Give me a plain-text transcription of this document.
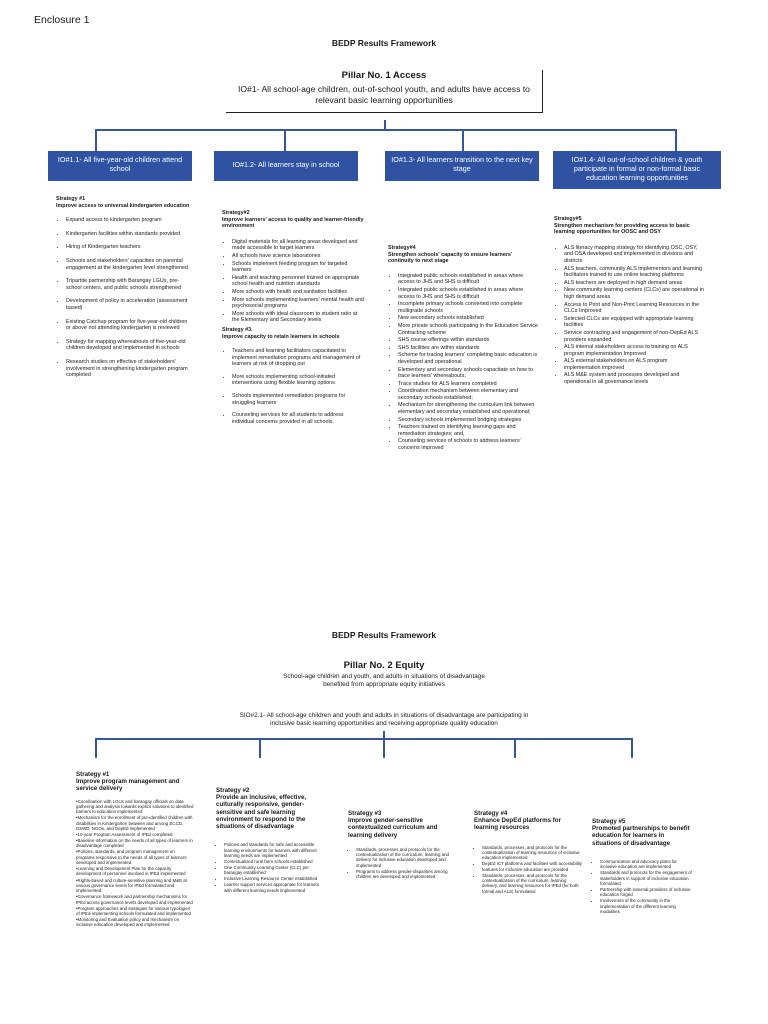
Enclosure 1
BEDP Results Framework
Pillar No. 1 Access
IO#1- All school-age children, out-of-school youth, and adults have access to relevant basic learning opportunities
IO#1.1- All five-year-old children attend school	IO#1.2- All learners stay in school
IO#1.3- All learners transition to the next key stage
IO#1.4- All out-of-school children & youth participate in formal or non-formal basic education learning opportunities
Strategy #1
Improve access to universal kindergarten education
• Expand access to kindergarten program
• Kindergarten facilities within standards provided
• Hiring of Kindergarten teachers
• Schools and stakeholders' capacities on parental engagement at the kindergarten level strengthened
• Tripartite partnership with Barangay LGUs, pre-school centers, and public schools strengthened
• Development of policy in acceleration (assessment based)
• Existing Catchup program for five-year-old children or above not attending kindergarten is reviewed
• Strategy for mapping whereabouts of five-year-old children developed and implemented in schools
• Research studies on effective of stakeholders' involvement in strengthening kindergarten program completed
Strategy#2
Improve learners' access to quality and learner-friendly environment
• Digital materials for all learning areas developed and made accessible to target learners
• All schools have science laboratories
• Schools implement feeding program for targeted learners
• Health and teaching personnel trained on appropriate school health and nutrition standards
• More schools with health and sanitation facilities
• More schools implementing learners' mental health and psychosocial programs
• More schools with ideal classroom to student ratio at the Elementary and Secondary levels
Strategy #3.
Improve capacity to retain learners in schools
• Teachers and learning facilitators capacitated to implement remediation programs and management of learners at risk of dropping out
• More schools implementing school-initiated interventions using flexible learning options
• Schools implemented remediation programs for struggling learners
• Counseling services for all students to address individual concerns provided in all schools.
Strategy#4
Strengthen schools' capacity to ensure learners' continuity to next stage
• Integrated public schools established in areas where access to JHS and SHS is difficult
• Integrated public schools established in areas where access to JHS and SHS is difficult
• Incomplete primary schools converted into complete multigrade schools
• New secondary schools established
• More private schools participating in the Education Service Contracting scheme
• SHS course offerings within standards
• SHS facilities are within standards
• Scheme for tracing learners' completing basic education is developed and operational
• Elementary and secondary schools capacitate on how to trace learners' whereabouts,
• Trace studies for ALS learners completed
• Coordination mechanism between elementary and secondary schools established;
• Mechanism for strengthening the curriculum link between elementary and secondary established and operational;
• Secondary schools implemented bridging strategies
• Teachers trained on identifying learning gaps and remediation strategies; and,
• Counseling services of schools to address learners' concerns improved
Strategy#5
Strengthen mechanism for providing access to basic learning opportunities for OOSC and OSY
• ALS literacy mapping strategy for identifying OSC, OSY, and OSA developed and implemented in divisions and districts
• ALS teachers, community ALS implementors and learning facilitators trained to use online teaching platforms
• ALS teachers are deployed in high demand areas
• New community learning centers (CLCs) are operational in high demand areas
• Access to Print and Non-Print Learning Resources in the CLCs Improved
• Selected CLCs are equipped with appropriate learning facilities
• Service contracting and engagement of non-DepEd ALS providers expanded
• ALS internal stakeholders access to training on ALS program implementation Improved
• ALS external stakeholders on ALS program implementation improved
• ALS M&E system and processes developed and operational in all governance levels
BEDP Results Framework
Pillar No. 2 Equity
School-age children and youth, and adults in situations of disadvantage benefited from appropriate equity initiatives
SIO#2.1- All school-age children and youth and adults in situations of disadvantage are participating in inclusive basic learning opportunities and receiving appropriate quality education
Strategy #1
Improve program management and service delivery
•Coordination with LGUs and barangay officials on data gathering and analysis towards explicit solutions to identified barriers to education implemented
•Mechanism for the enrollment of pre-identified children with disabilities in Kindergarten between and among ECCD, DSWD, NGOs, and DepEd implemented
•10-year Program Assessment of IPEd completed
•Baseline information on the needs of all types of learners in disadvantage completed
•Policies, standards, and program management on programs responsive to the needs of all types of learners developed and implemented
•Learning and Development Plan for the capacity development of personnel involved in IPEd implemented
•Rights-based and culture-sensitive planning and M&E at various governance levels for IPEd formulated and implemented
•Governance framework and partnership mechanisms for IPEd across governance levels developed and implemented
•Program approaches and strategies for various typologies of IPEd-implementing schools formulated and implemented
•Monitoring and Evaluation policy and mechanism on inclusive education developed and implemented
Strategy #2
Provide an inclusive, effective, culturally responsive, gender- sensitive and safe learning environment to respond to the situations of disadvantage
• Policies and standards for safe and accessible learning environments for learners with different learning needs are implemented
• Contextualized rural farm schools established
• One Community Learning Center (CLC) per barangay established
• Inclusive Learning Resource Center established
• Learner support services appropriate for learners with different learning needs implemented
Strategy #3
Improve gender-sensitive contextualized curriculum and learning delivery
• Standards, processes and protocols for the contextualization of the curriculum, learning and delivery for inclusive education developed and implemented
• Programs to address gender-disparities among children are developed and implemented
Strategy #4
Enhance DepEd platforms for learning resources
• Standards, processes, and protocols for the contextualization of learning resources of inclusive education implemented
• DepEd ICT platforms and facilities with accessibility features for inclusive education are provided
• Standards, processes, and protocols for the contextualization of the curriculum, learning delivery, and learning resources for IPEd (for both formal and ALS) formulated
Strategy #5
Promoted partnerships to benefit education for learners in situations of disadvantage
• Communication and advocacy plans for inclusive education are implemented
• Standards and protocols for the engagement of stakeholders in support of inclusive education formulated
• Partnership with external providers of inclusive education forged
• Involvement of the community in the implementation of the different learning modalities
